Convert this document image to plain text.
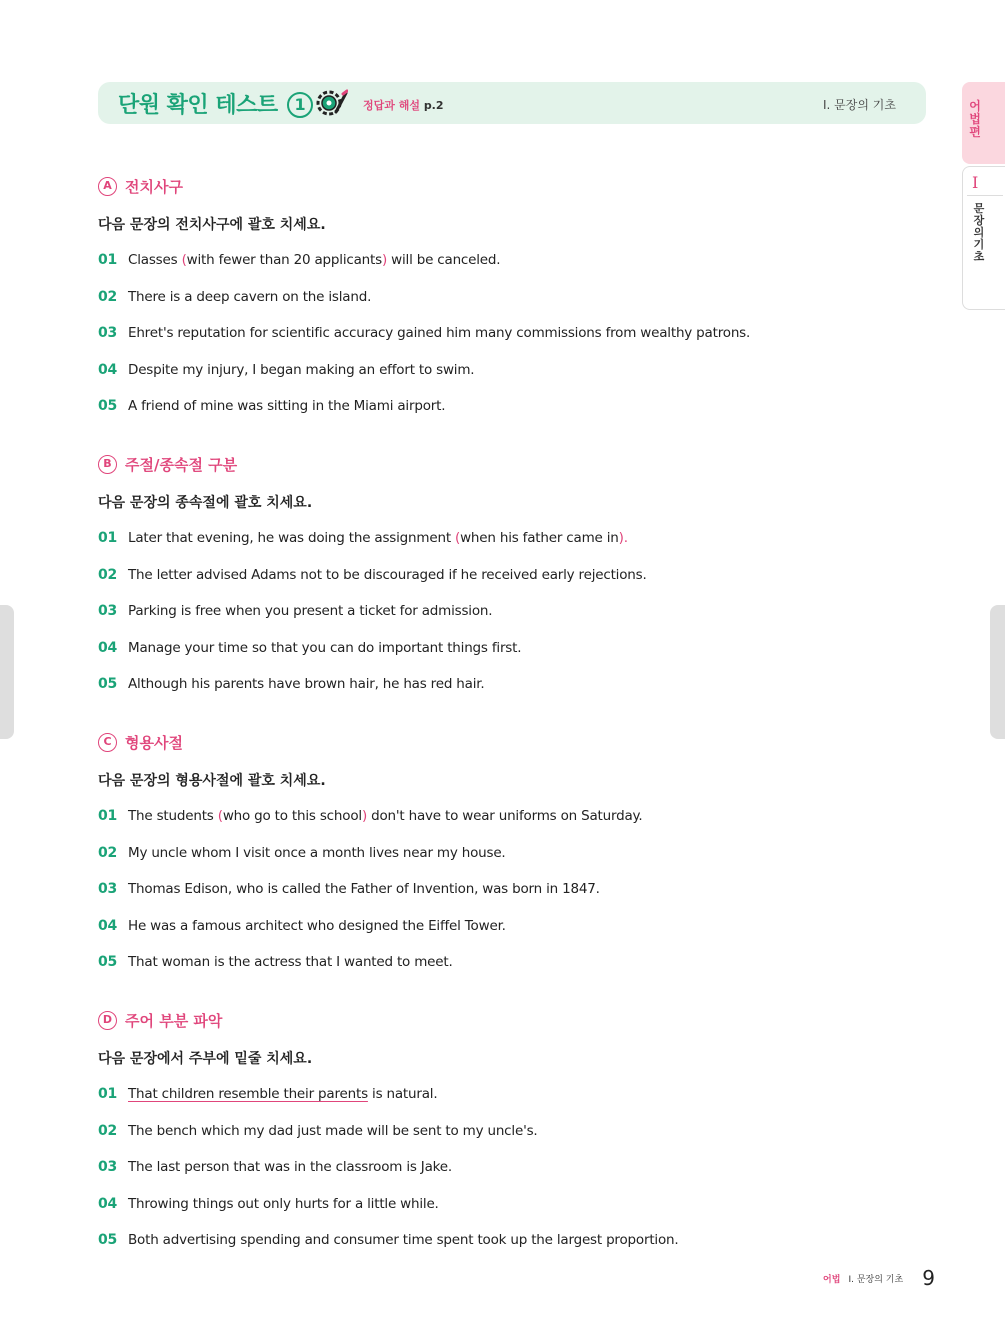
단원 확인 테스트 1	정답과 해설 p.2	Ⅰ. 문장의 기초	어법편
I
문장의 기초
A 전치사구
다음 문장의 전치사구에 괄호 치세요.
01 Classes (with fewer than 20 applicants) will be canceled.
02 There is a deep cavern on the island.
03 Ehret's reputation for scientific accuracy gained him many commissions from wealthy patrons.
04 Despite my injury, I began making an effort to swim.
05 A friend of mine was sitting in the Miami airport.
B 주절/종속절 구분
다음 문장의 종속절에 괄호 치세요.
01 Later that evening, he was doing the assignment (when his father came in).
02 The letter advised Adams not to be discouraged if he received early rejections.
03 Parking is free when you present a ticket for admission.
04 Manage your time so that you can do important things first.
05 Although his parents have brown hair, he has red hair.
C 형용사절
다음 문장의 형용사절에 괄호 치세요.
01 The students (who go to this school) don't have to wear uniforms on Saturday.
02 My uncle whom I visit once a month lives near my house.
03 Thomas Edison, who is called the Father of Invention, was born in 1847.
04 He was a famous architect who designed the Eiffel Tower.
05 That woman is the actress that I wanted to meet.
D 주어 부분 파악
다음 문장에서 주부에 밑줄 치세요.
01 That children resemble their parents is natural.
02 The bench which my dad just made will be sent to my uncle's.
03 The last person that was in the classroom is Jake.
04 Throwing things out only hurts for a little while.
05 Both advertising spending and consumer time spent took up the largest proportion.
어법 Ⅰ. 문장의 기초 9
